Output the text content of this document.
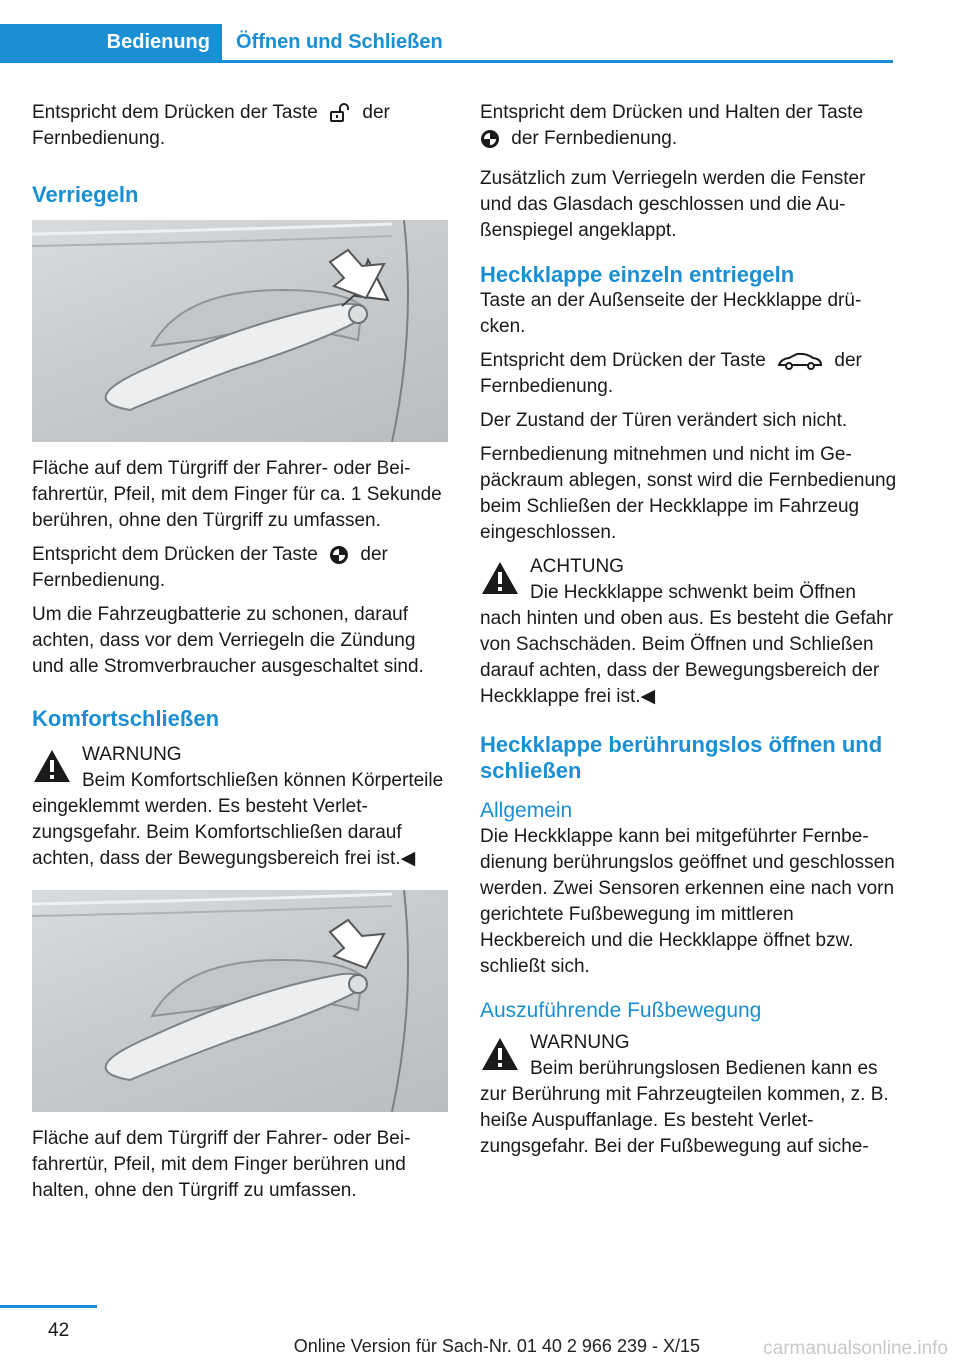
Bedienung	Öffnen und Schließen

Entspricht dem Drücken der Taste der Fernbedienung.

Verriegeln

Fläche auf dem Türgriff der Fahrer- oder Beifahrertür, Pfeil, mit dem Finger für ca. 1 Sekunde berühren, ohne den Türgriff zu umfassen.

Entspricht dem Drücken der Taste der Fernbedienung.

Um die Fahrzeugbatterie zu schonen, darauf achten, dass vor dem Verriegeln die Zündung und alle Stromverbraucher ausgeschaltet sind.

Komfortschließen
WARNUNG
Beim Komfortschließen können Körperteile eingeklemmt werden. Es besteht Verletzungsgefahr. Beim Komfortschließen darauf achten, dass der Bewegungsbereich frei ist.◀

Fläche auf dem Türgriff der Fahrer- oder Beifahrertür, Pfeil, mit dem Finger berühren und halten, ohne den Türgriff zu umfassen.

Entspricht dem Drücken und Halten der Taste
der Fernbedienung.

Zusätzlich zum Verriegeln werden die Fenster und das Glasdach geschlossen und die Außenspiegel angeklappt.

Heckklappe einzeln entriegeln

Taste an der Außenseite der Heckklappe drücken.

Entspricht dem Drücken der Taste	der Fernbedienung.

Der Zustand der Türen verändert sich nicht.

Fernbedienung mitnehmen und nicht im Gepäckraum ablegen, sonst wird die Fernbedienung beim Schließen der Heckklappe im Fahrzeug eingeschlossen.

ACHTUNG
Die Heckklappe schwenkt beim Öffnen nach hinten und oben aus. Es besteht die Gefahr von Sachschäden. Beim Öffnen und Schließen darauf achten, dass der Bewegungsbereich der Heckklappe frei ist.◀
Heckklappe berührungslos öffnen und schließen
Allgemein

Die Heckklappe kann bei mitgeführter Fernbedienung berührungslos geöffnet und geschlossen werden. Zwei Sensoren erkennen eine nach vorn gerichtete Fußbewegung im mittleren Heckbereich und die Heckklappe öffnet bzw. schließt sich.

Auszuführende Fußbewegung
WARNUNG
Beim berührungslosen Bedienen kann es zur Berührung mit Fahrzeugteilen kommen, z. B. heiße Auspuffanlage. Es besteht Verletzungsgefahr. Bei der Fußbewegung auf siche-
42
Online Version für Sach-Nr. 01 40 2 966 239 - X/15	carmanualsonline.info
